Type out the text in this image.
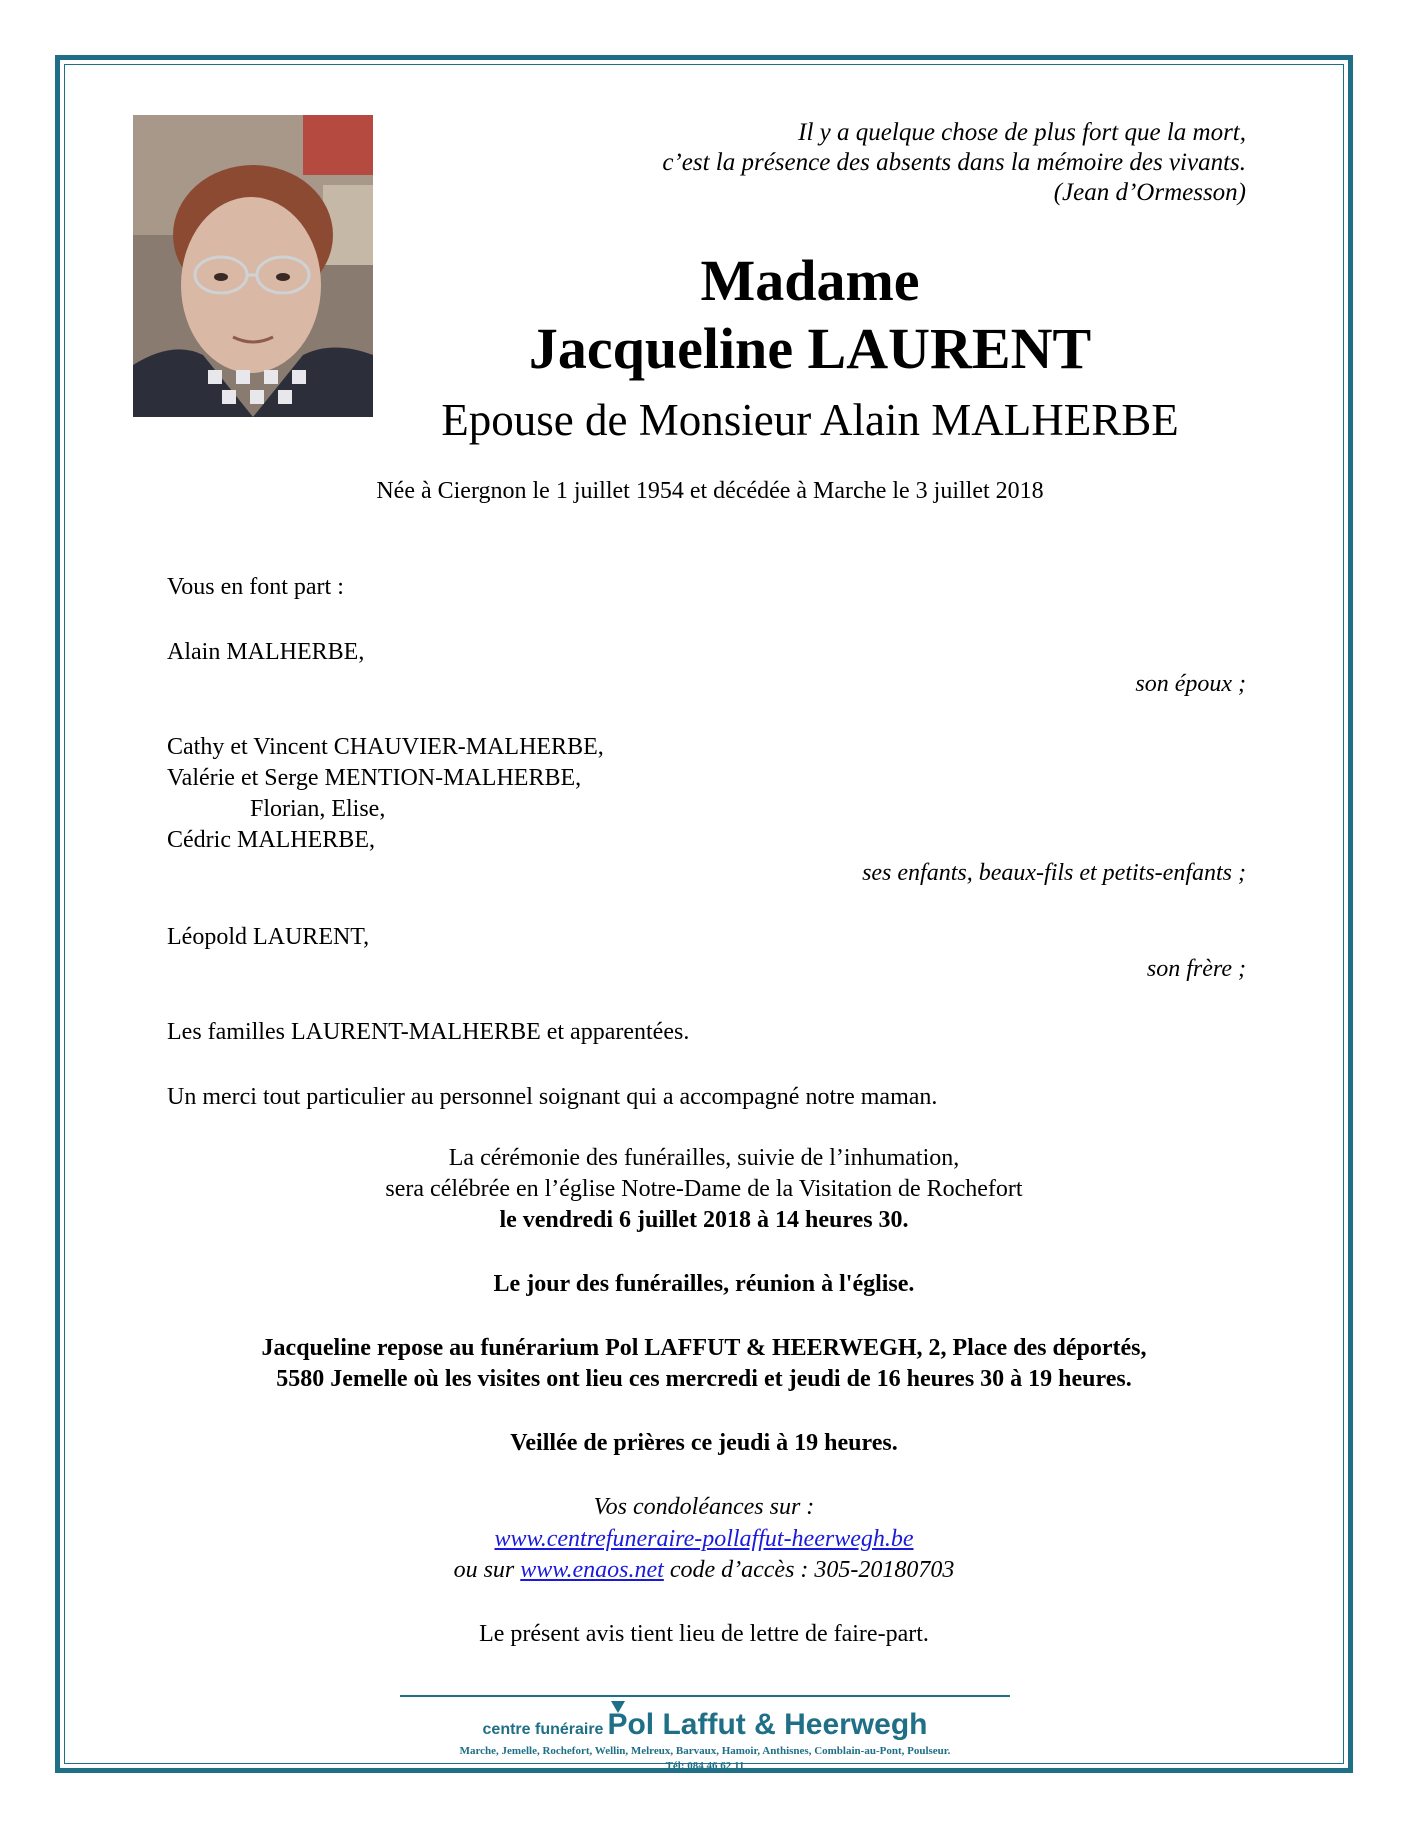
Il y a quelque chose de plus fort que la mort,
c’est la présence des absents dans la mémoire des vivants.
(Jean d’Ormesson)
Madame
Jacqueline LAURENT
Epouse de Monsieur Alain MALHERBE
Née à Ciergnon le 1 juillet 1954 et décédée à Marche le 3 juillet 2018
Vous en font part :
Alain MALHERBE,
son époux ;
Cathy et Vincent CHAUVIER-MALHERBE,
Valérie et Serge MENTION-MALHERBE,
Florian, Elise,
Cédric MALHERBE,
ses enfants, beaux-fils et petits-enfants ;
Léopold LAURENT,
son frère ;
Les familles LAURENT-MALHERBE et apparentées.
Un merci tout particulier au personnel soignant qui a accompagné notre maman.
La cérémonie des funérailles, suivie de l’inhumation,
sera célébrée en l’église Notre-Dame de la Visitation de Rochefort
le vendredi 6 juillet 2018 à 14 heures 30.
Le jour des funérailles, réunion à l'église.
Jacqueline repose au funérarium Pol LAFFUT & HEERWEGH, 2, Place des déportés,
5580 Jemelle où les visites ont lieu ces mercredi et jeudi de 16 heures 30 à 19 heures.
Veillée de prières ce jeudi à 19 heures.
Vos condoléances sur :
www.centrefuneraire-pollaffut-heerwegh.be
ou sur www.enaos.net code d’accès : 305-20180703
Le présent avis tient lieu de lettre de faire-part.
centre funéraire Pol Laffut & Heerwegh
Marche, Jemelle, Rochefort, Wellin, Melreux, Barvaux, Hamoir, Anthisnes, Comblain-au-Pont, Poulseur.
Tél: 084 46 62 11
